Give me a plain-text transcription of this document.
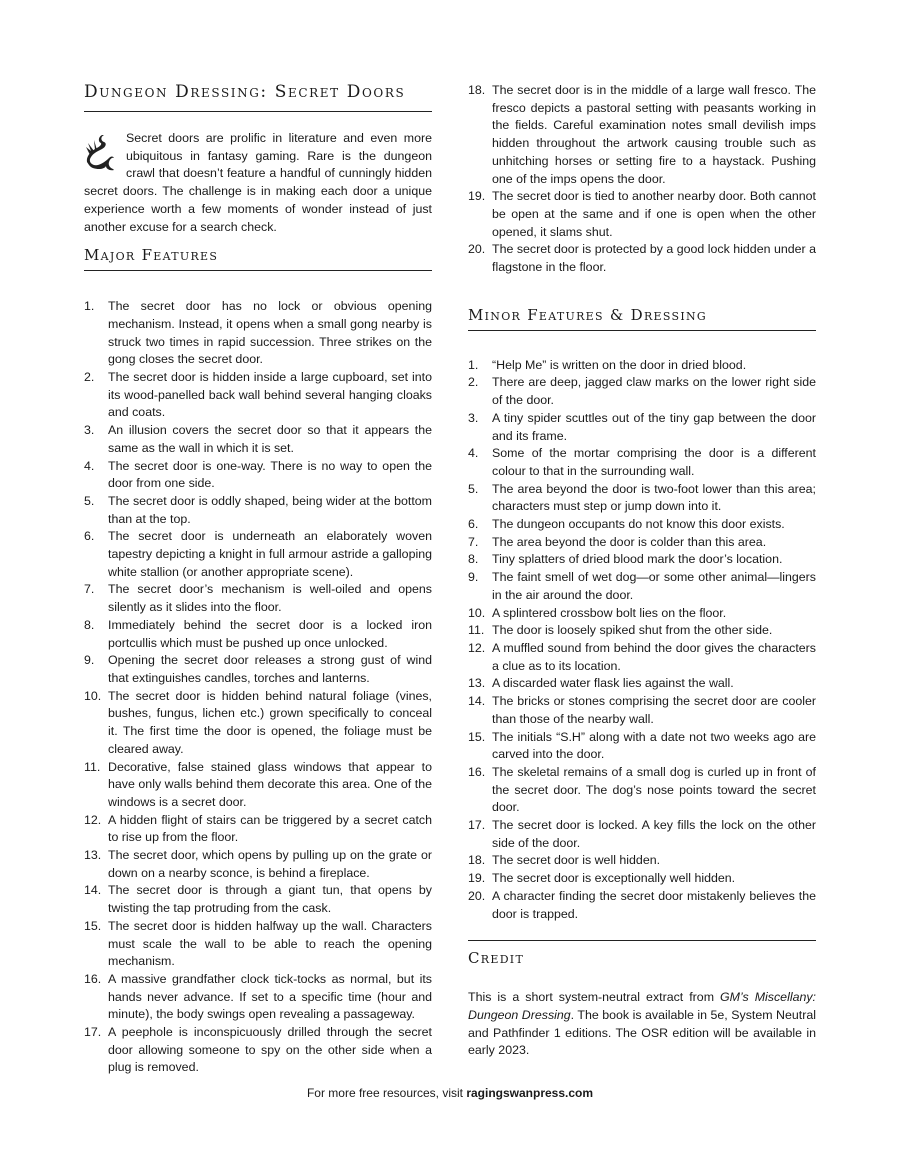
Dungeon Dressing: Secret Doors

Secret doors are prolific in literature and even more ubiquitous in fantasy gaming. Rare is the dungeon crawl that doesn’t feature a handful of cunningly hidden secret doors. The challenge is in making each door a unique experience worth a few moments of wonder instead of just another excuse for a search check.

Major Features
1. The secret door has no lock or obvious opening mechanism. Instead, it opens when a small gong nearby is struck two times in rapid succession. Three strikes on the gong closes the secret door.
2. The secret door is hidden inside a large cupboard, set into its wood-panelled back wall behind several hanging cloaks and coats.
3. An illusion covers the secret door so that it appears the same as the wall in which it is set.
4. The secret door is one-way. There is no way to open the door from one side.
5. The secret door is oddly shaped, being wider at the bottom than at the top.
6. The secret door is underneath an elaborately woven tapestry depicting a knight in full armour astride a galloping white stallion (or another appropriate scene).
7. The secret door’s mechanism is well-oiled and opens silently as it slides into the floor.
8. Immediately behind the secret door is a locked iron portcullis which must be pushed up once unlocked.
9. Opening the secret door releases a strong gust of wind that extinguishes candles, torches and lanterns.
10. The secret door is hidden behind natural foliage (vines, bushes, fungus, lichen etc.) grown specifically to conceal it. The first time the door is opened, the foliage must be cleared away.
11. Decorative, false stained glass windows that appear to have only walls behind them decorate this area. One of the windows is a secret door.
12. A hidden flight of stairs can be triggered by a secret catch to rise up from the floor.
13. The secret door, which opens by pulling up on the grate or down on a nearby sconce, is behind a fireplace.
14. The secret door is through a giant tun, that opens by twisting the tap protruding from the cask.
15. The secret door is hidden halfway up the wall. Characters must scale the wall to be able to reach the opening mechanism.
16. A massive grandfather clock tick-tocks as normal, but its hands never advance. If set to a specific time (hour and minute), the body swings open revealing a passageway.
17. A peephole is inconspicuously drilled through the secret door allowing someone to spy on the other side when a plug is removed.
18. The secret door is in the middle of a large wall fresco. The fresco depicts a pastoral setting with peasants working in the fields. Careful examination notes small devilish imps hidden throughout the artwork causing trouble such as unhitching horses or setting fire to a haystack. Pushing one of the imps opens the door.
19. The secret door is tied to another nearby door. Both cannot be open at the same and if one is open when the other opened, it slams shut.
20. The secret door is protected by a good lock hidden under a flagstone in the floor.
Minor Features & Dressing
1. “Help Me” is written on the door in dried blood.
2. There are deep, jagged claw marks on the lower right side of the door.
3. A tiny spider scuttles out of the tiny gap between the door and its frame.
4. Some of the mortar comprising the door is a different colour to that in the surrounding wall.
5. The area beyond the door is two-foot lower than this area; characters must step or jump down into it.
6. The dungeon occupants do not know this door exists.
7. The area beyond the door is colder than this area.
8. Tiny splatters of dried blood mark the door’s location.
9. The faint smell of wet dog—or some other animal—lingers in the air around the door.
10. A splintered crossbow bolt lies on the floor.
11. The door is loosely spiked shut from the other side.
12. A muffled sound from behind the door gives the characters a clue as to its location.
13. A discarded water flask lies against the wall.
14. The bricks or stones comprising the secret door are cooler than those of the nearby wall.
15. The initials “S.H” along with a date not two weeks ago are carved into the door.
16. The skeletal remains of a small dog is curled up in front of the secret door. The dog’s nose points toward the secret door.
17. The secret door is locked. A key fills the lock on the other side of the door.
18. The secret door is well hidden.
19. The secret door is exceptionally well hidden.
20. A character finding the secret door mistakenly believes the door is trapped.
Credit

This is a short system-neutral extract from GM’s Miscellany: Dungeon Dressing. The book is available in 5e, System Neutral and Pathfinder 1 editions. The OSR edition will be available in early 2023.

For more free resources, visit ragingswanpress.com
